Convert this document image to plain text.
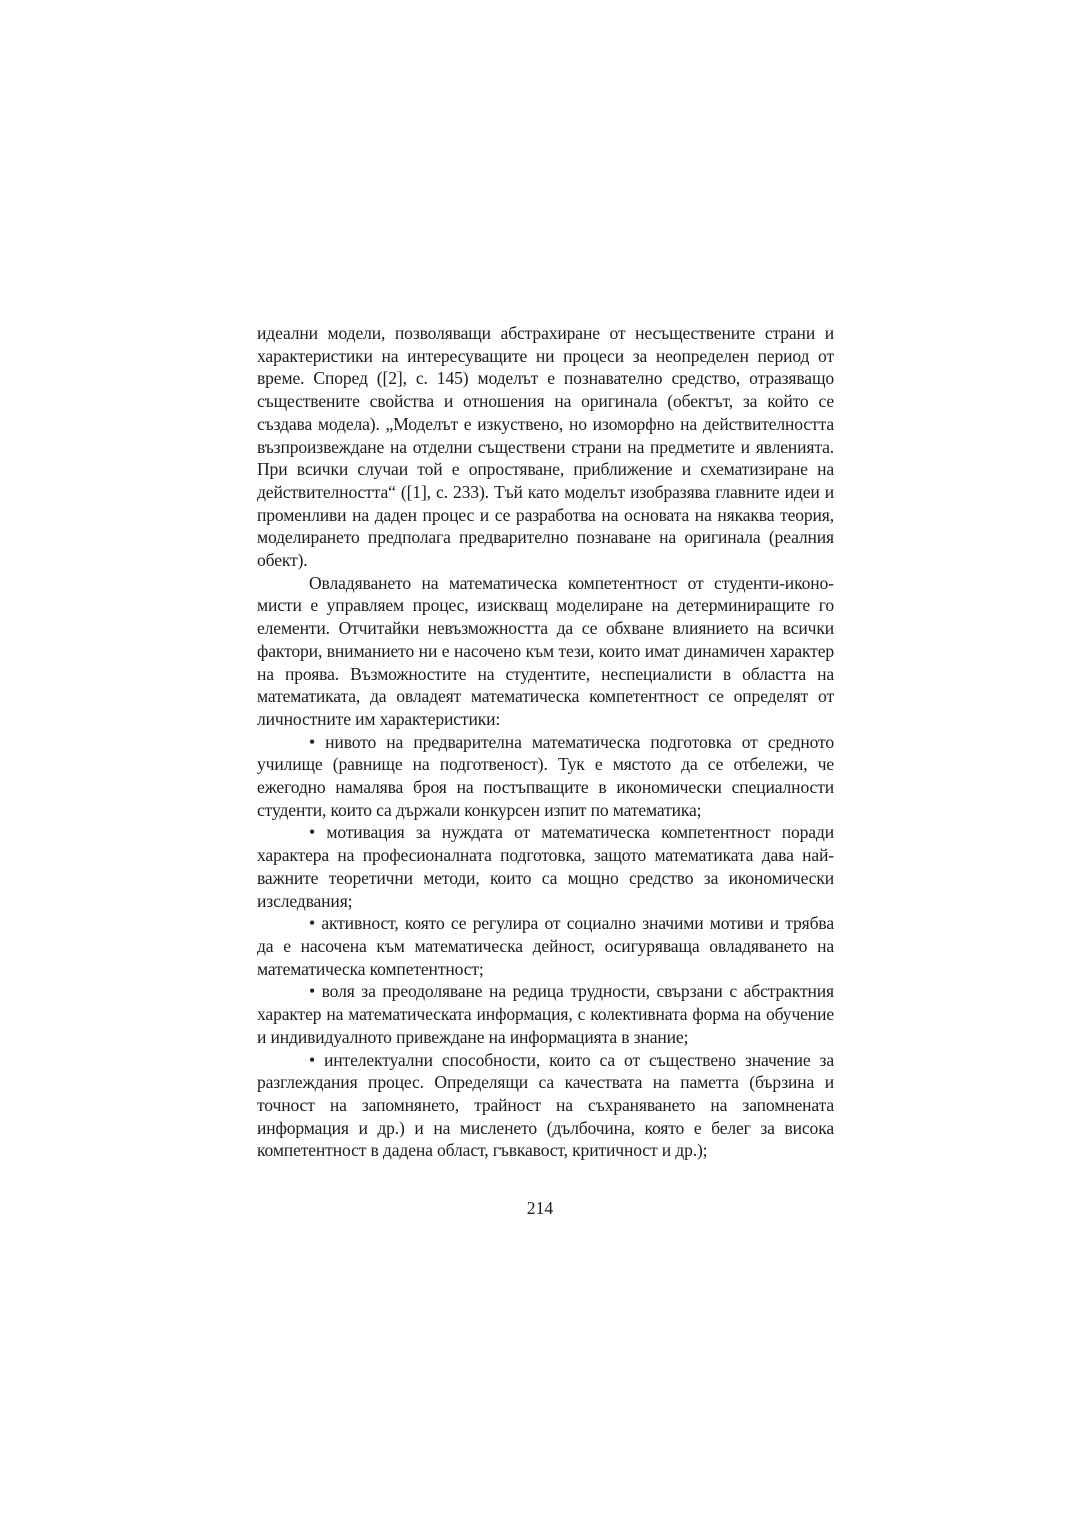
идеални модели, позволяващи абстрахиране от несъществените страни и характеристики на интересуващите ни процеси за неопределен период от време. Според ([2], с. 145) моделът е познавателно средство, отразяващо съществените свойства и отношения на оригинала (обектът, за който се създава модела). „Моделът е изкуствено, но изоморфно на действителността възпроизвеждане на отделни съществени страни на предметите и явленията. При всички случаи той е опростяване, приближение и схематизиране на действителността“ ([1], с. 233). Тъй като моделът изобразява главните идеи и променливи на даден процес и се разработва на основата на някаква теория, моделирането предполага предварително познаване на оригинала (реалния обект).

Овладяването на математическа компетентност от студенти-икономисти е управляем процес, изискващ моделиране на детерминиращите го елементи. Отчитайки невъзможността да се обхване влиянието на всички фактори, вниманието ни е насочено към тези, които имат динамичен характер на проява. Възможностите на студентите, неспециалисти в областта на математиката, да овладеят математическа компетентност се определят от личностните им характеристики:

• нивото на предварителна математическа подготовка от средното училище (равнище на подготвеност). Тук е мястото да се отбележи, че ежегодно намалява броя на постъпващите в икономически специалности студенти, които са държали конкурсен изпит по математика;

• мотивация за нуждата от математическа компетентност поради характера на професионалната подготовка, защото математиката дава най-важните теоретични методи, които са мощно средство за икономически изследвания;

• активност, която се регулира от социално значими мотиви и трябва да е насочена към математическа дейност, осигуряваща овладяването на математическа компетентност;

• воля за преодоляване на редица трудности, свързани с абстрактния характер на математическата информация, с колективната форма на обучение и индивидуалното привеждане на информацията в знание;

• интелектуални способности, които са от съществено значение за разглеждания процес. Определящи са качествата на паметта (бързина и точност на запомнянето, трайност на съхраняването на запомнената информация и др.) и на мисленето (дълбочина, която е белег за висока компетентност в дадена област, гъвкавост, критичност и др.);

214
